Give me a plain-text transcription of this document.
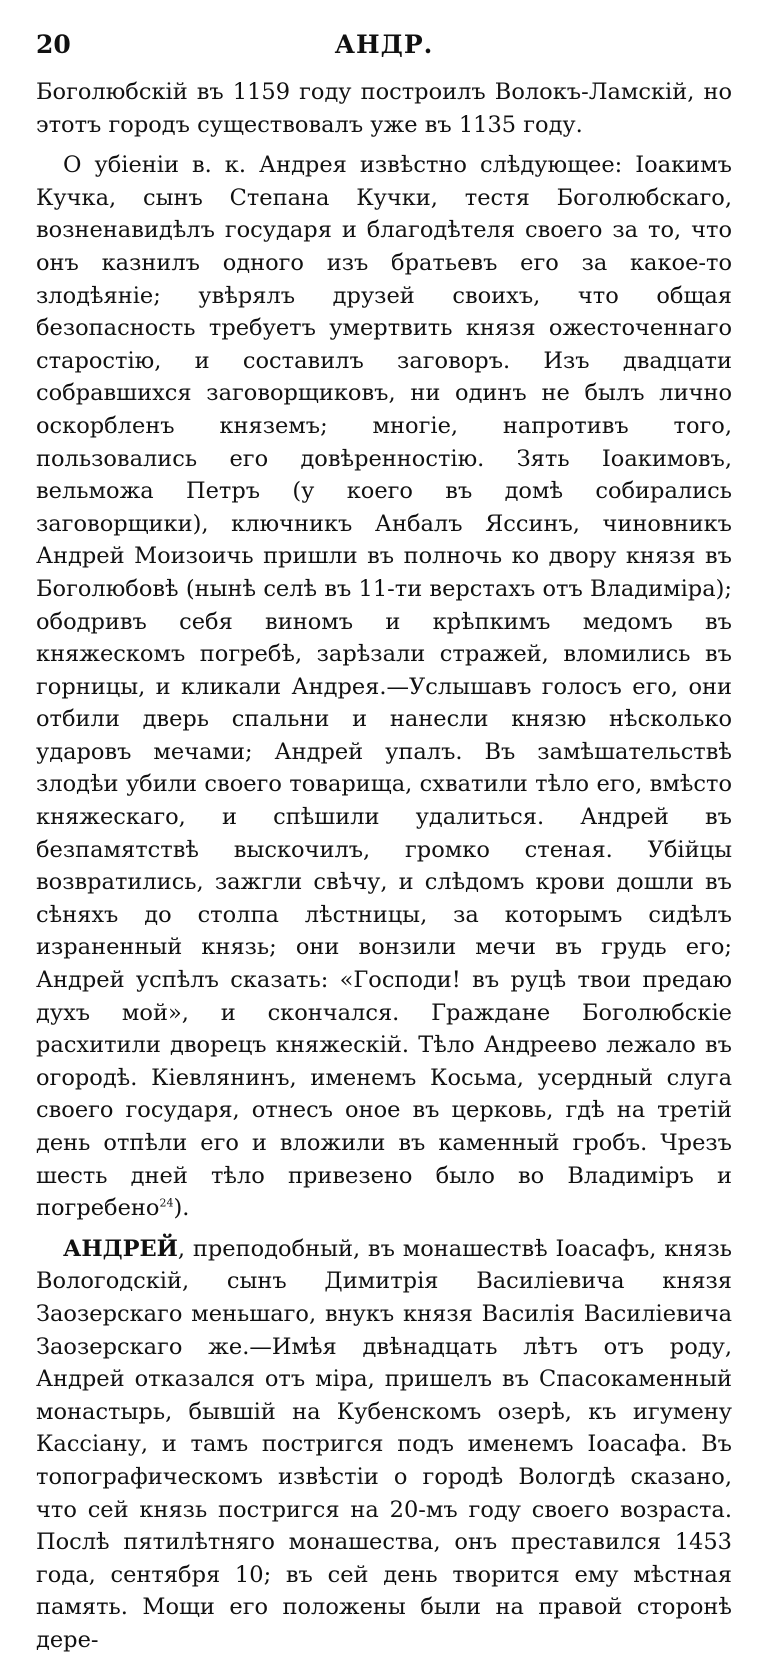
20	АНДР.

Боголюбскій въ 1159 году построилъ Волокъ-Ламскій, но этотъ городъ существовалъ уже въ 1135 году.

О убіеніи в. к. Андрея извѣстно слѣдующее: Іоакимъ Кучка, сынъ Степана Кучки, тестя Боголюбскаго, возненавидѣлъ государя и благодѣтеля своего за то, что онъ казнилъ одного изъ братьевъ его за какое-то злодѣяніе; увѣрялъ друзей своихъ, что общая безопасность требуетъ умертвить князя ожесточеннаго старостію, и составилъ заговоръ. Изъ двадцати собравшихся заговорщиковъ, ни одинъ не былъ лично оскорбленъ княземъ; многіе, напротивъ того, пользовались его довѣренностію. Зять Іоакимовъ, вельможа Петръ (у коего въ домѣ собирались заговорщики), ключникъ Анбалъ Яссинъ, чиновникъ Андрей Моизоичь пришли въ полночь ко двору князя въ Боголюбовѣ (нынѣ селѣ въ 11-ти верстахъ отъ Владиміра); ободривъ себя виномъ и крѣпкимъ медомъ въ княжескомъ погребѣ, зарѣзали стражей, вломились въ горницы, и кликали Андрея.—Услышавъ голосъ его, они отбили дверь спальни и нанесли князю нѣсколько ударовъ мечами; Андрей упалъ. Въ замѣшательствѣ злодѣи убили своего товарища, схватили тѣло его, вмѣсто княжескаго, и спѣшили удалиться. Андрей въ безпамятствѣ выскочилъ, громко стеная. Убійцы возвратились, зажгли свѣчу, и слѣдомъ крови дошли въ сѣняхъ до столпа лѣстницы, за которымъ сидѣлъ израненный князь; они вонзили мечи въ грудь его; Андрей успѣлъ сказать: «Господи! въ руцѣ твои предаю духъ мой», и скончался. Граждане Боголюбскіе расхитили дворецъ княжескій. Тѣло Андреево лежало въ огородѣ. Кіевлянинъ, именемъ Косьма, усердный слуга своего государя, отнесъ оное въ церковь, гдѣ на третій день отпѣли его и вложили въ каменный гробъ. Чрезъ шесть дней тѣло привезено было во Владиміръ и погребено$^{24}$).

АНДРЕЙ, преподобный, въ монашествѣ Іоасафъ, князь Вологодскій, сынъ Димитрія Василіевича князя Заозерскаго меньшаго, внукъ князя Василія Василіевича Заозерскаго же.—Имѣя двѣнадцать лѣтъ отъ роду, Андрей отказался отъ міра, пришелъ въ Спасокаменный монастырь, бывшій на Кубенскомъ озерѣ, къ игумену Кассіану, и тамъ постригся подъ именемъ Іоасафа. Въ топографическомъ извѣстіи о городѣ Вологдѣ сказано, что сей князь постригся на 20-мъ году своего возраста. Послѣ пятилѣтняго монашества, онъ преставился 1453 года, сентября 10; въ сей день творится ему мѣстная память. Мощи его положены были на правой сторонѣ дере-
